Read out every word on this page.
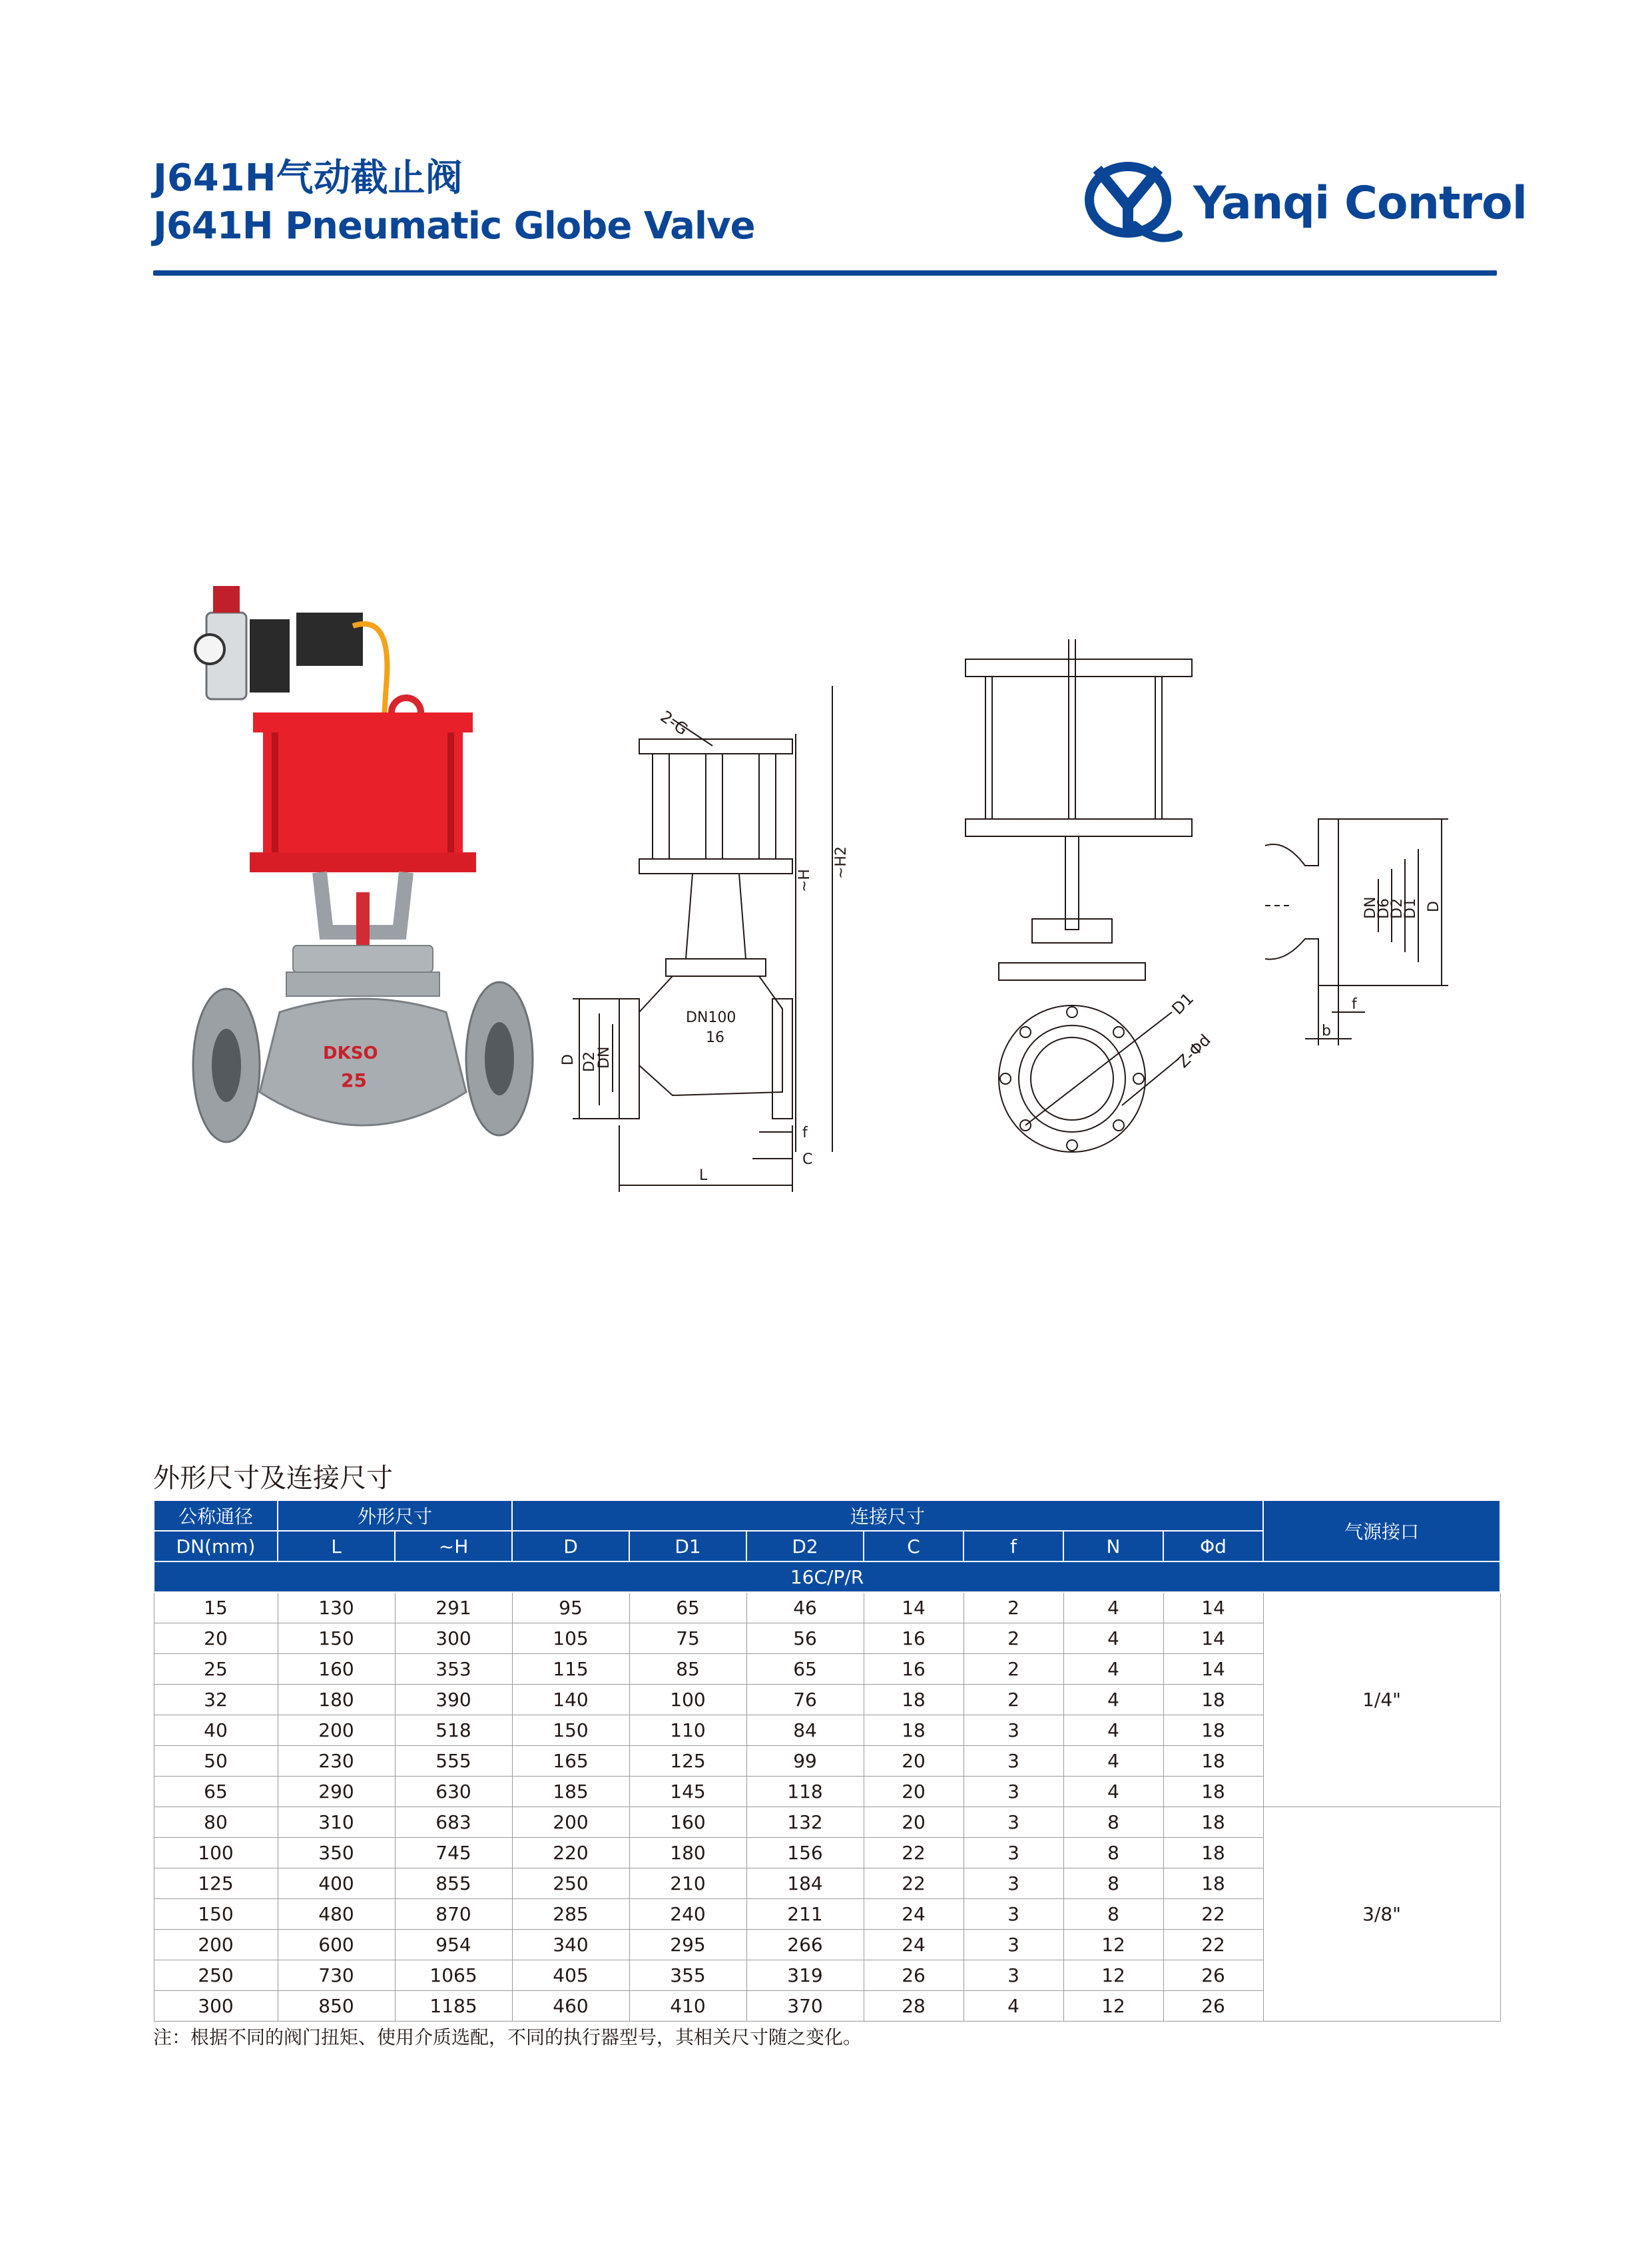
J641H气动截止阀
J641H Pneumatic Globe Valve	Yanqi Control
DKSO
25
2-G
DN100
16
~H
~H2
D D2
DN
f
C
L
D1
Z-Φd
DN
D6
D2
D1 D
f
b
外形尺寸及连接尺寸
公称通径	外形尺寸		连接尺寸							气源接口
DN(mm)	L	~H	D	D1	D2	C	f	N	Φd	
16C/P/R										
15	130	291	95	65	46	14	2	4	14	1/4"
20	150	300	105	75	56	16	2	4	14	
25	160	353	115	85	65	16	2	4	14	
32	180	390	140	100	76	18	2	4	18	
40	200	518	150	110	84	18	3	4	18	
50	230	555	165	125	99	20	3	4	18	
65	290	630	185	145	118	20	3	4	18	
80	310	683	200	160	132	20	3	8	18	3/8"
100	350	745	220	180	156	22	3	8	18	
125	400	855	250	210	184	22	3	8	18	
150	480	870	285	240	211	24	3	8	22	
200	600	954	340	295	266	24	3	12	22	
250	730	1065	405	355	319	26	3	12	26	
300	850	1185	460	410	370	28	4	12	26	
注：根据不同的阀门扭矩、使用介质选配，不同的执行器型号，其相关尺寸随之变化。
